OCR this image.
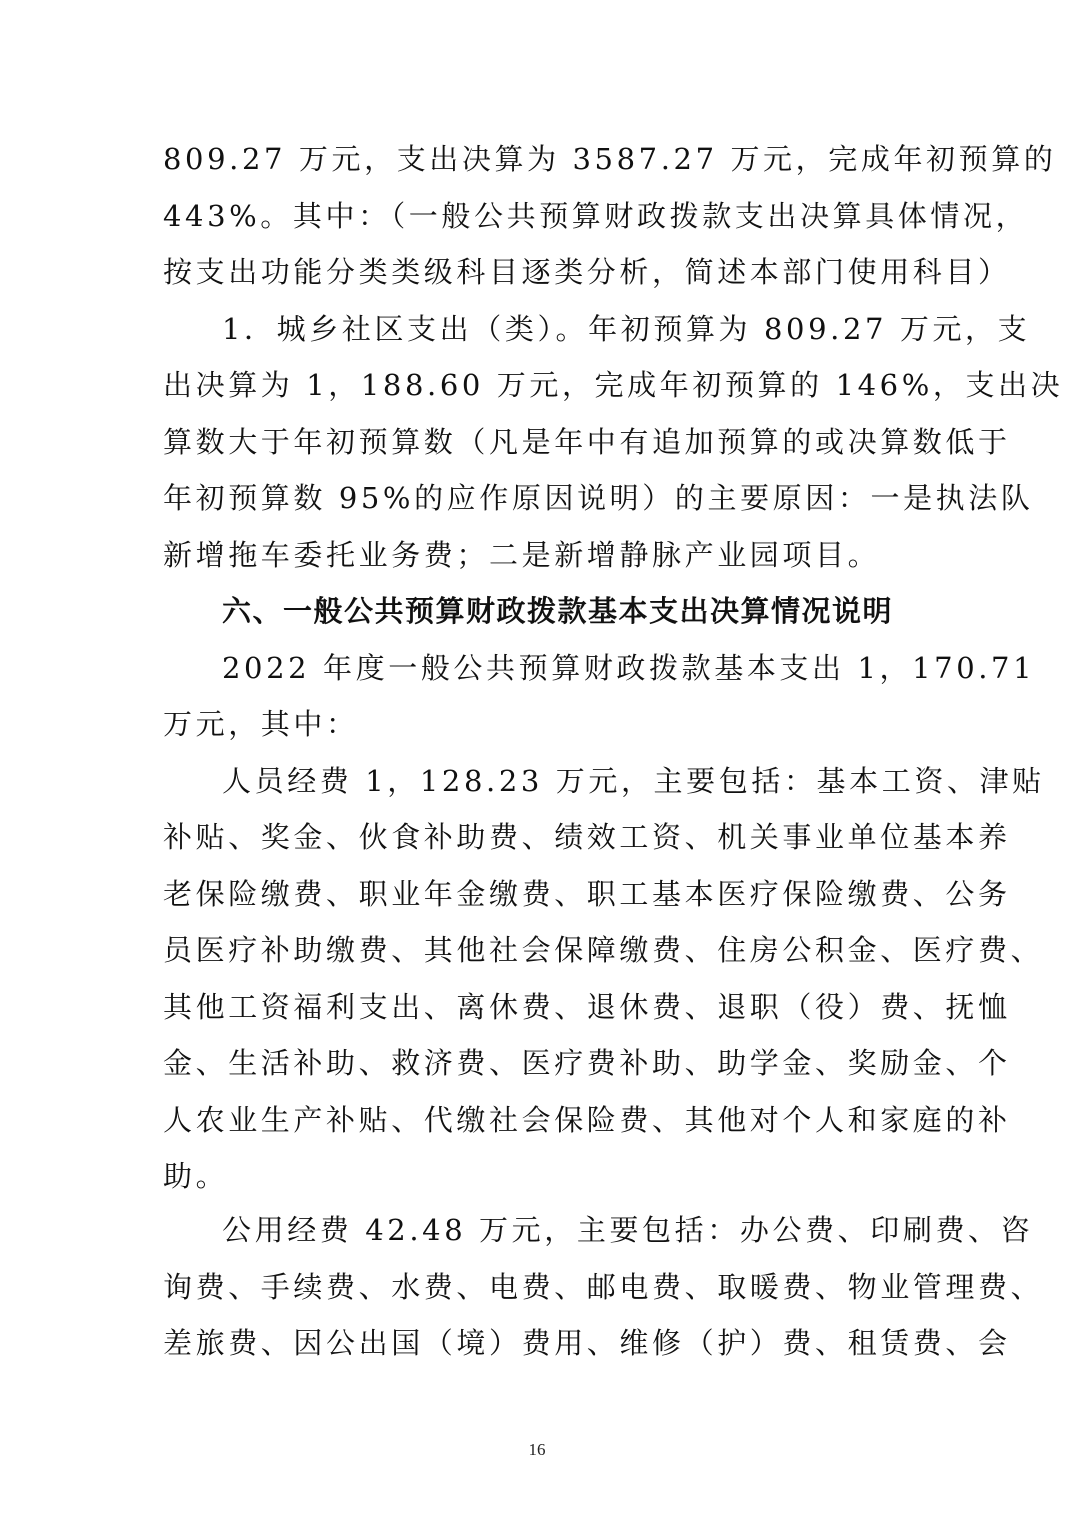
809.27 万元，支出决算为 3587.27 万元，完成年初预算的
443%。其中：（一般公共预算财政拨款支出决算具体情况，
按支出功能分类类级科目逐类分析，简述本部门使用科目）
1．城乡社区支出（类）。年初预算为 809.27 万元，支
出决算为 1，188.60 万元，完成年初预算的 146%，支出决
算数大于年初预算数（凡是年中有追加预算的或决算数低于
年初预算数 95%的应作原因说明）的主要原因：一是执法队
新增拖车委托业务费；二是新增静脉产业园项目。
六、一般公共预算财政拨款基本支出决算情况说明
2022 年度一般公共预算财政拨款基本支出 1，170.71
万元，其中：
人员经费 1，128.23 万元，主要包括：基本工资、津贴
补贴、奖金、伙食补助费、绩效工资、机关事业单位基本养
老保险缴费、职业年金缴费、职工基本医疗保险缴费、公务
员医疗补助缴费、其他社会保障缴费、住房公积金、医疗费、
其他工资福利支出、离休费、退休费、退职（役）费、抚恤
金、生活补助、救济费、医疗费补助、助学金、奖励金、个
人农业生产补贴、代缴社会保险费、其他对个人和家庭的补
助。
公用经费 42.48 万元，主要包括：办公费、印刷费、咨
询费、手续费、水费、电费、邮电费、取暖费、物业管理费、
差旅费、因公出国（境）费用、维修（护）费、租赁费、会
16
